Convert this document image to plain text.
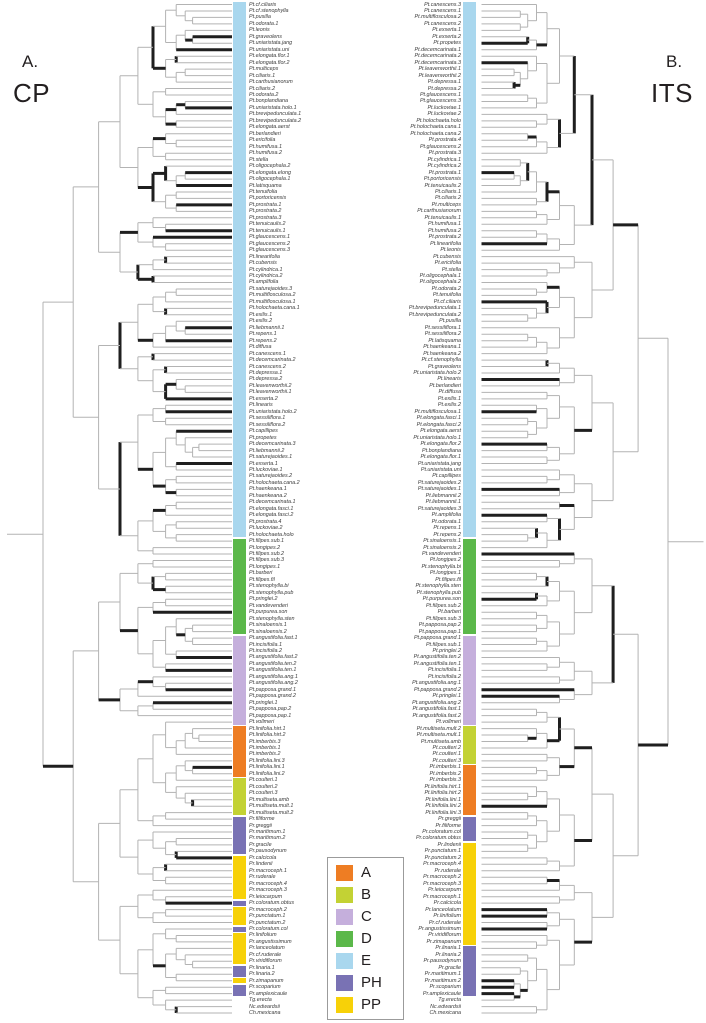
Pt.cf.ciliaris
Pt.cf.stenophylla
Pt.pusilla
Pt.odorata.1
Pt.leonis
Pt.graveolens
Pt.uniaristata.jang
Pt.uniaristata.uni
Pt.elongata.flor.1
Pt.elongata.flor.2
Pt.multiceps
Pt.ciliaris.1
Pt.carthusianorum
Pt.ciliaris.2
Pt.odorata.2
Pt.bonplandiana
Pt.uniaristata.holo.1
Pt.brevipedunculata.1
Pt.brevipedunculata.2
Pt.elongata.aerst
Pt.berlandieri
Pt.ericifolia
Pt.humifusa.1
Pt.humifusa.2
Pt.stella
Pt.oligocephala.2
Pt.elongata.elong
Pt.oligocephala.1
Pt.latisquama
Pt.tenuifolia
Pt.portoricensis
Pt.prostrata.1
Pt.prostrata.2
Pt.prostrata.3
Pt.tenuicaulis.2
Pt.tenuicaulis.1
Pt.glaucescens.1
Pt.glaucescens.2
Pt.glaucescens.3
Pt.linearifolia
Pt.cubensis
Pt.cylindrica.1
Pt.cylindrica.2
Pt.amplifolia
Pt.saturejaoides.3
Pt.multiflosculosa.2
Pt.multiflosculosa.1
Pt.holochaeta.cana.1
Pt.exilis.1
Pt.exilis.2
Pt.liebmannii.1
Pt.repens.1
Pt.repens.2
Pt.diffusa
Pt.canescens.1
Pt.decemcarinata.2
Pt.canescens.2
Pt.depressa.1
Pt.depressa.2
Pt.leavenworthii.2
Pt.leavenworthii.1
Pt.exserta.2
Pt.linearis
Pt.uniaristata.holo.2
Pt.sessiliflora.1
Pt.sessiliflora.2
Pt.capillipes
Pt.propetes
Pt.decemcarinata.3
Pt.liebmannii.2
Pt.saturejaoides.1
Pt.exserta.1
Pt.luckoviae.1
Pt.saturejaoides.2
Pt.holochaeta.cana.2
Pt.haenkeana.1
Pt.haenkeana.2
Pt.decemcarinata.1
Pt.elongata.fasci.1
Pt.elongata.fasci.2
Pt.prostrata.4
Pt.luckoviae.2
Pt.holochaeta.holo
Pt.filipes.sub.1
Pt.longipes.2
Pt.filipes.sub.2
Pt.filipes.sub.3
Pt.longipes.1
Pt.barberi
Pt.filipes.fil
Pt.stenophylla.bi
Pt.stenophylla.pub
Pt.pringlei.2
Pt.vandevenderi
Pt.purpurea.son
Pt.stenophylla.sten
Pt.sinaloensis.1
Pt.sinaloensis.2
Pt.angustifolia.fast.1
Pt.incisifolia.1
Pt.incisifolia.2
Pt.angustifolia.fast.2
Pt.angustifolia.ten.2
Pt.angustifolia.ten.1
Pt.angustifolia.ang.1
Pt.angustifolia.ang.2
Pt.papposa.grand.1
Pt.papposa.grand.2
Pt.pringlei.1
Pt.papposa.pap.2
Pt.papposa.pap.1
Pt.vollmeri
Pt.linifolia.hirt.1
Pt.linifolia.hirt.2
Pt.imberbis.3
Pt.imberbis.1
Pt.imberbis.2
Pt.linifolia.lini.3
Pt.linifolia.lini.1
Pt.linifolia.lini.2
Pt.coulteri.1
Pt.coulteri.2
Pt.coulteri.3
Pt.multiseta.amb
Pt.multiseta.mult.1
Pt.multiseta.mult.2
Pr.filiforme
Pr.greggii
Pr.maritimum.1
Pr.maritimum.2
Pr.gracile
Pr.pausodynum
Pr.calcicola
Pr.lindenii
Pr.macroceph.1
Pr.ruderale
Pr.macroceph.4
Pr.macroceph.3
Pr.leiocarpum
Pr.coloratum.obtus
Pr.macroceph.2
Pr.punctatum.1
Pr.punctatum.2
Pr.coloratum.col
Pr.linifolium
Pr.angustissimum
Pr.lanceolatum
Pr.cf.ruderale
Pr.viridiflorum
Pr.linaria.1
Pr.linaria.2
Pr.zimapanum
Pr.scoparium
Pr.amplexicaule
Tg.erecta
Nc.edwardsii
Ch.mexicana
Pt.canescens.3
Pt.canescens.1
Pt.multiflosculosa.2
Pt.canescens.2
Pt.exserta.1
Pt.exserta.2
Pt.propetes
Pt.decemcarinata.1
Pt.decemcarinata.2
Pt.decemcarinata.3
Pt.leavenworthii.1
Pt.leavenworthii.2
Pt.depressa.1
Pt.depressa.2
Pt.glaucescens.1
Pt.glaucescens.3
Pt.luckoviae.1
Pt.luckoviae.2
Pt.holochaeta.holo
Pt.holochaeta.cana.1
Pt.holochaeta.cana.2
Pt.prostrata.4
Pt.glaucescens.2
Pt.prostrata.3
Pt.cylindrica.1
Pt.cylindrica.2
Pt.prostrata.1
Pt.portoricensis
Pt.tenuicaulis.2
Pt.ciliaris.1
Pt.ciliaris.2
Pt.multiceps
Pt.carthusianorum
Pt.tenuicaulis.1
Pt.humifusa.1
Pt.humifusa.2
Pt.prostrata.2
Pt.linearifolia
Pt.leonis
Pt.cubensis
Pt.ericifolia
Pt.stella
Pt.oligocephala.1
Pt.oligocephala.2
Pt.odorata.2
Pt.tenuifolia
Pt.cf.ciliaris
Pt.brevipedunculata.1
Pt.brevipedunculata.2
Pt.pusilla
Pt.sessiliflora.1
Pt.sessiliflora.2
Pt.latisquama
Pt.haenkeana.1
Pt.haenkeana.2
Pt.cf.stenophylla
Pt.graveolens
Pt.uniaristata.holo.2
Pt.linearis
Pt.berlandieri
Pt.diffusa
Pt.exilis.1
Pt.exilis.2
Pt.multiflosculosa.1
Pt.elongata.fasci.1
Pt.elongata.fasci.2
Pt.elongata.aerst
Pt.uniaristata.holo.1
Pt.elongata.flor.2
Pt.bonplandiana
Pt.elongata.flor.1
Pt.uniaristata.jang
Pt.uniaristata.uni
Pt.capillipes
Pt.saturejaoides.2
Pt.saturejaoides.1
Pt.liebmannii.2
Pt.liebmannii.1
Pt.saturejaoides.3
Pt.amplifolia
Pt.odorata.1
Pt.repens.1
Pt.repens.2
Pt.sinaloensis.1
Pt.sinaloensis.2
Pt.vandevenderi
Pt.longipes.2
Pt.stenophylla.bi
Pt.longipes.1
Pt.filipes.fil
Pt.stenophylla.sten
Pt.stenophylla.pub
Pt.purpurea.son
Pt.filipes.sub.2
Pt.barberi
Pt.filipes.sub.3
Pt.papposa.pap.2
Pt.papposa.pap.1
Pt.papposa.grand.1
Pt.filipes.sub.1
Pt.pringlei.2
Pt.angustifolia.ten.2
Pt.angustifolia.ten.1
Pt.incisifolia.1
Pt.incisifolia.2
Pt.angustifolia.ang.1
Pt.papposa.grand.2
Pt.pringlei.1
Pt.angustifolia.ang.2
Pt.angustifolia.fast.1
Pt.angustifolia.fast.2
Pt.vollmeri
Pt.multiseta.mult.2
Pt.multiseta.mult.1
Pt.multiseta.amb
Pt.coulteri.2
Pt.coulteri.1
Pt.coulteri.3
Pt.imberbis.1
Pt.imberbis.2
Pt.imberbis.3
Pt.linifolia.hirt.1
Pt.linifolia.hirt.2
Pt.linifolia.lini.1
Pt.linifolia.lini.2
Pt.linifolia.lini.3
Pr.greggii
Pr.filiforme
Pr.coloratum.col
Pr.coloratum.obtus
Pr.lindenii
Pr.punctatum.1
Pr.punctatum.2
Pr.macroceph.4
Pr.ruderale
Pr.macroceph.2
Pr.macroceph.3
Pr.leiocarpum
Pr.macroceph.1
Pr.calcicola
Pr.lanceolatum
Pr.linifolium
Pr.cf.ruderale
Pr.angustissimum
Pr.viridiflorum
Pr.zimapanum
Pr.linaria.1
Pr.linaria.2
Pr.pausodynum
Pr.gracile
Pr.maritimum.1
Pr.maritimum.2
Pr.scoparium
Pr.amplexicaule
Tg.erecta
Nc.edwardsii
Ch.mexicana
A.
CP
B.
ITS
A
B
C
D
E
PH
PP
